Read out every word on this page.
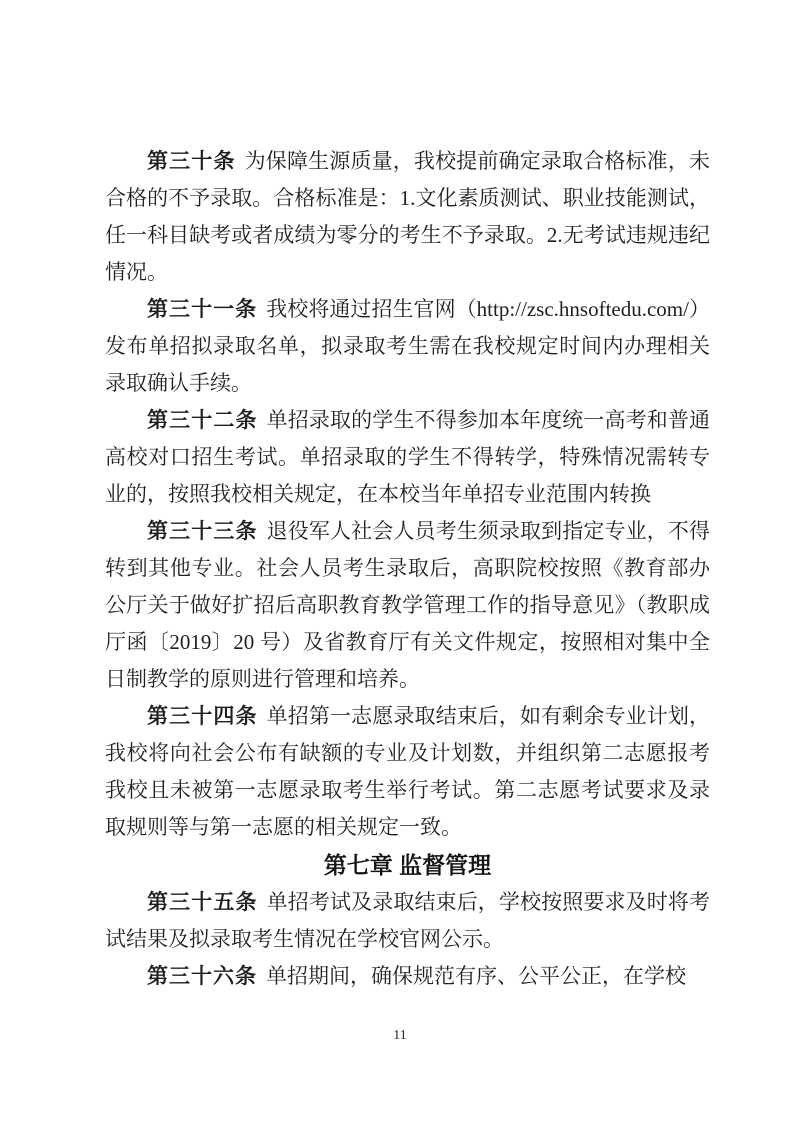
第三十条 为保障生源质量，我校提前确定录取合格标准，未合格的不予录取。合格标准是：1.文化素质测试、职业技能测试，任一科目缺考或者成绩为零分的考生不予录取。2.无考试违规违纪情况。

第三十一条 我校将通过招生官网（http://zsc.hnsoftedu.com/）发布单招拟录取名单，拟录取考生需在我校规定时间内办理相关录取确认手续。

第三十二条 单招录取的学生不得参加本年度统一高考和普通高校对口招生考试。单招录取的学生不得转学，特殊情况需转专业的，按照我校相关规定，在本校当年单招专业范围内转换

第三十三条 退役军人社会人员考生须录取到指定专业，不得转到其他专业。社会人员考生录取后，高职院校按照《教育部办公厅关于做好扩招后高职教育教学管理工作的指导意见》（教职成厅函〔2019〕20 号）及省教育厅有关文件规定，按照相对集中全日制教学的原则进行管理和培养。

第三十四条 单招第一志愿录取结束后，如有剩余专业计划，我校将向社会公布有缺额的专业及计划数，并组织第二志愿报考我校且未被第一志愿录取考生举行考试。第二志愿考试要求及录取规则等与第一志愿的相关规定一致。

第七章 监督管理

第三十五条 单招考试及录取结束后，学校按照要求及时将考试结果及拟录取考生情况在学校官网公示。

第三十六条 单招期间，确保规范有序、公平公正，在学校

11
